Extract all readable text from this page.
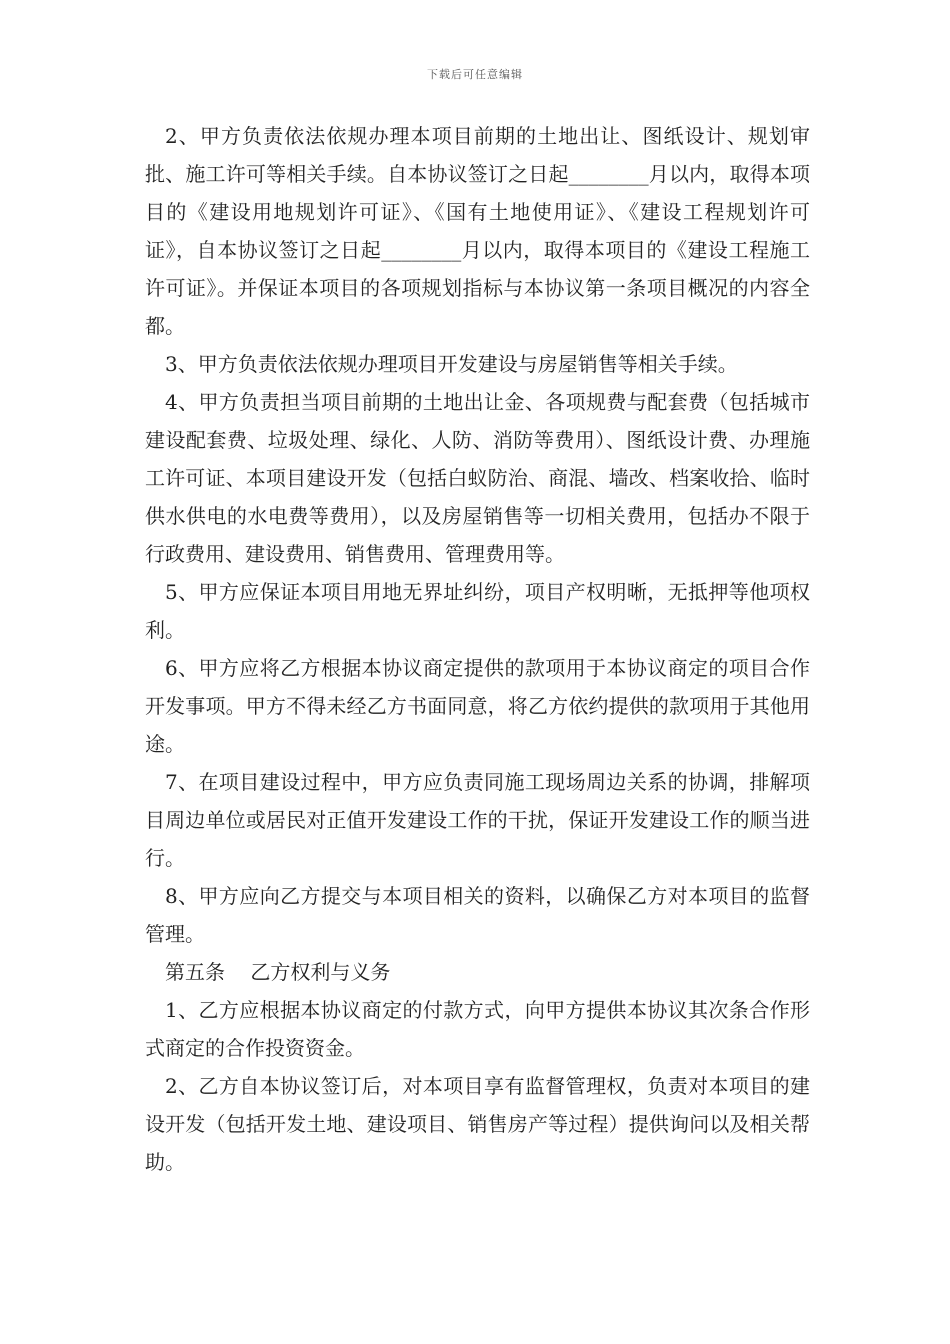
下载后可任意编辑

2、甲方负责依法依规办理本项目前期的土地出让、图纸设计、规划审批、施工许可等相关手续。自本协议签订之日起________月以内，取得本项目的《建设用地规划许可证》、《国有土地使用证》、《建设工程规划许可证》，自本协议签订之日起________月以内，取得本项目的《建设工程施工许可证》。并保证本项目的各项规划指标与本协议第一条项目概况的内容全都。

3、甲方负责依法依规办理项目开发建设与房屋销售等相关手续。

4、甲方负责担当项目前期的土地出让金、各项规费与配套费（包括城市建设配套费、垃圾处理、绿化、人防、消防等费用）、图纸设计费、办理施工许可证、本项目建设开发（包括白蚁防治、商混、墙改、档案收拾、临时供水供电的水电费等费用），以及房屋销售等一切相关费用，包括办不限于行政费用、建设费用、销售费用、管理费用等。

5、甲方应保证本项目用地无界址纠纷，项目产权明晰，无抵押等他项权利。

6、甲方应将乙方根据本协议商定提供的款项用于本协议商定的项目合作开发事项。甲方不得未经乙方书面同意，将乙方依约提供的款项用于其他用途。

7、在项目建设过程中，甲方应负责同施工现场周边关系的协调，排解项目周边单位或居民对正值开发建设工作的干扰，保证开发建设工作的顺当进行。

8、甲方应向乙方提交与本项目相关的资料，以确保乙方对本项目的监督管理。

第五条    乙方权利与义务

1、乙方应根据本协议商定的付款方式，向甲方提供本协议其次条合作形式商定的合作投资资金。

2、乙方自本协议签订后，对本项目享有监督管理权，负责对本项目的建设开发（包括开发土地、建设项目、销售房产等过程）提供询问以及相关帮助。
